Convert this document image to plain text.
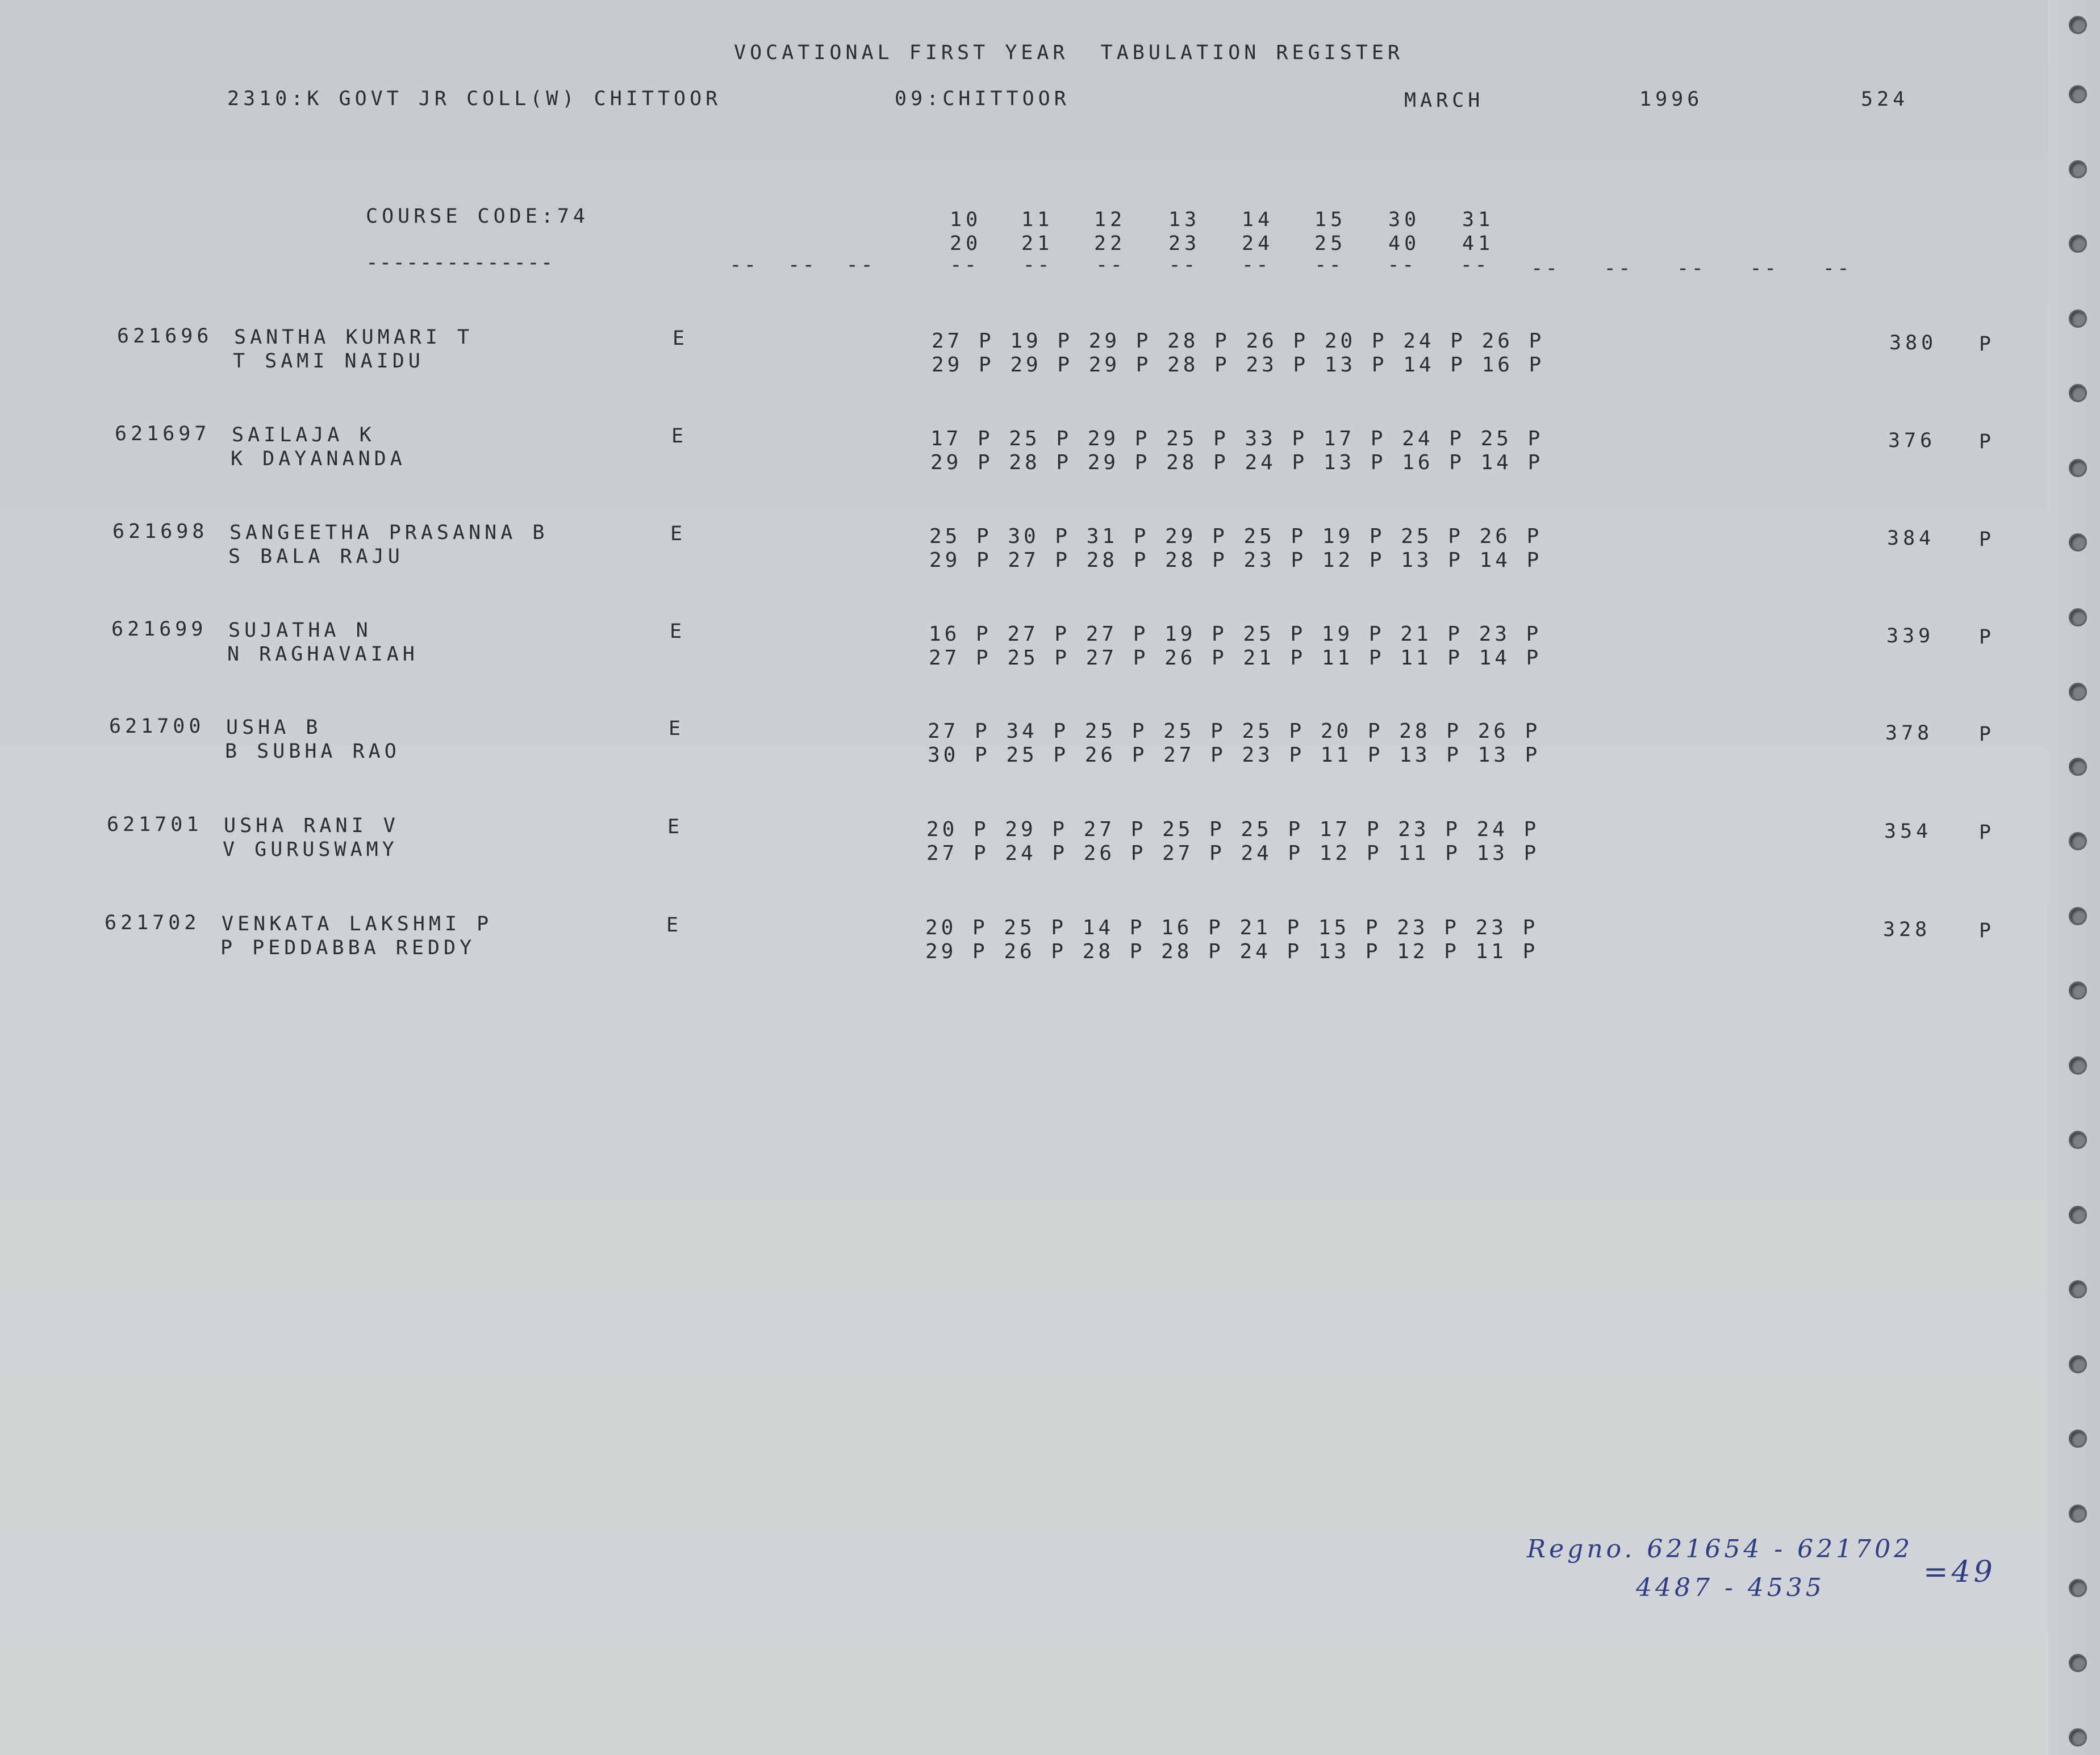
VOCATIONAL FIRST YEAR  TABULATION REGISTER
2310:K GOVT JR COLL(W) CHITTOOR	09:CHITTOOR	MARCH	1996	524
COURSE CODE:74
--------------
10 11 12 13 14 15 30 31
20 21 22 23 24 25 40 41
--  --  --	--   --   --   --   --   --   --   -- --   --   --   --   --
621696 SANTHA KUMARI T
T SAMI NAIDU
E	27 P 19 P 29 P 28 P 26 P 20 P 24 P 26 P
29 P 29 P 29 P 28 P 23 P 13 P 14 P 16 P
380 P
621697 SAILAJA K
K DAYANANDA
E	17 P 25 P 29 P 25 P 33 P 17 P 24 P 25 P
29 P 28 P 29 P 28 P 24 P 13 P 16 P 14 P
376 P
621698 SANGEETHA PRASANNA B
S BALA RAJU
E	25 P 30 P 31 P 29 P 25 P 19 P 25 P 26 P
29 P 27 P 28 P 28 P 23 P 12 P 13 P 14 P
384 P
621699 SUJATHA N
N RAGHAVAIAH
E	16 P 27 P 27 P 19 P 25 P 19 P 21 P 23 P
27 P 25 P 27 P 26 P 21 P 11 P 11 P 14 P
339 P
621700 USHA B
B SUBHA RAO
E	27 P 34 P 25 P 25 P 25 P 20 P 28 P 26 P
30 P 25 P 26 P 27 P 23 P 11 P 13 P 13 P
378 P
621701 USHA RANI V
V GURUSWAMY
E	20 P 29 P 27 P 25 P 25 P 17 P 23 P 24 P
27 P 24 P 26 P 27 P 24 P 12 P 11 P 13 P
354 P
621702 VENKATA LAKSHMI P
P PEDDABBA REDDY
E	20 P 25 P 14 P 16 P 21 P 15 P 23 P 23 P
29 P 26 P 28 P 28 P 24 P 13 P 12 P 11 P
328 P
Regno. 621654 - 621702
4487 - 4535	=49
